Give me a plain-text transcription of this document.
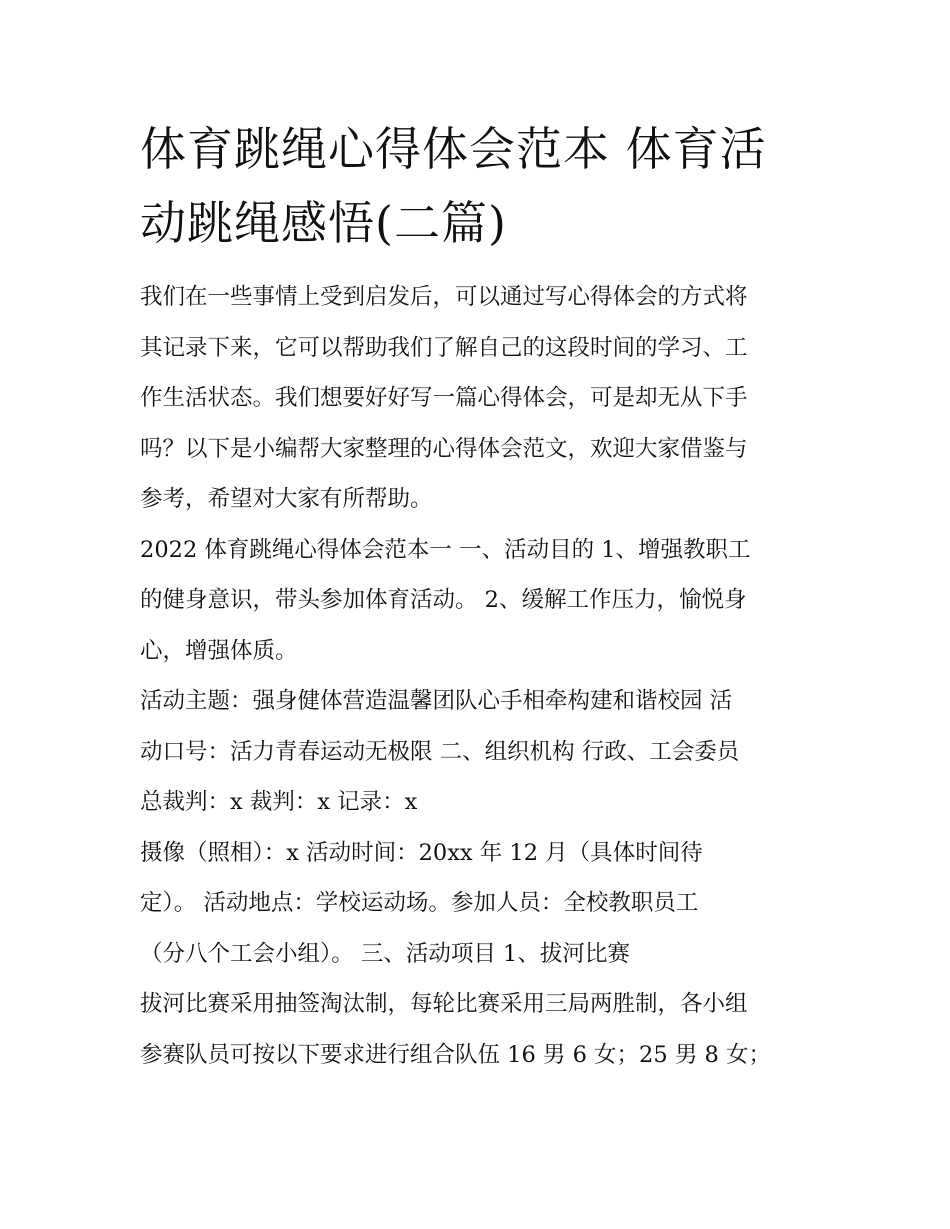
体育跳绳心得体会范本 体育活
动跳绳感悟(二篇)

我们在一些事情上受到启发后，可以通过写心得体会的方式将
其记录下来，它可以帮助我们了解自己的这段时间的学习、工
作生活状态。我们想要好好写一篇心得体会，可是却无从下手
吗？以下是小编帮大家整理的心得体会范文，欢迎大家借鉴与
参考，希望对大家有所帮助。

2022 体育跳绳心得体会范本一 一、活动目的 1、增强教职工
的健身意识，带头参加体育活动。 2、缓解工作压力，愉悦身
心，增强体质。

活动主题：强身健体营造温馨团队心手相牵构建和谐校园 活
动口号：活力青春运动无极限 二、组织机构 行政、工会委员
总裁判：x 裁判：x 记录：x

摄像（照相）：x 活动时间：20xx 年 12 月（具体时间待
定）。 活动地点：学校运动场。参加人员：全校教职员工
（分八个工会小组）。 三、活动项目 1、拔河比赛

拔河比赛采用抽签淘汰制，每轮比赛采用三局两胜制，各小组
参赛队员可按以下要求进行组合队伍 16 男 6 女；25 男 8 女；
